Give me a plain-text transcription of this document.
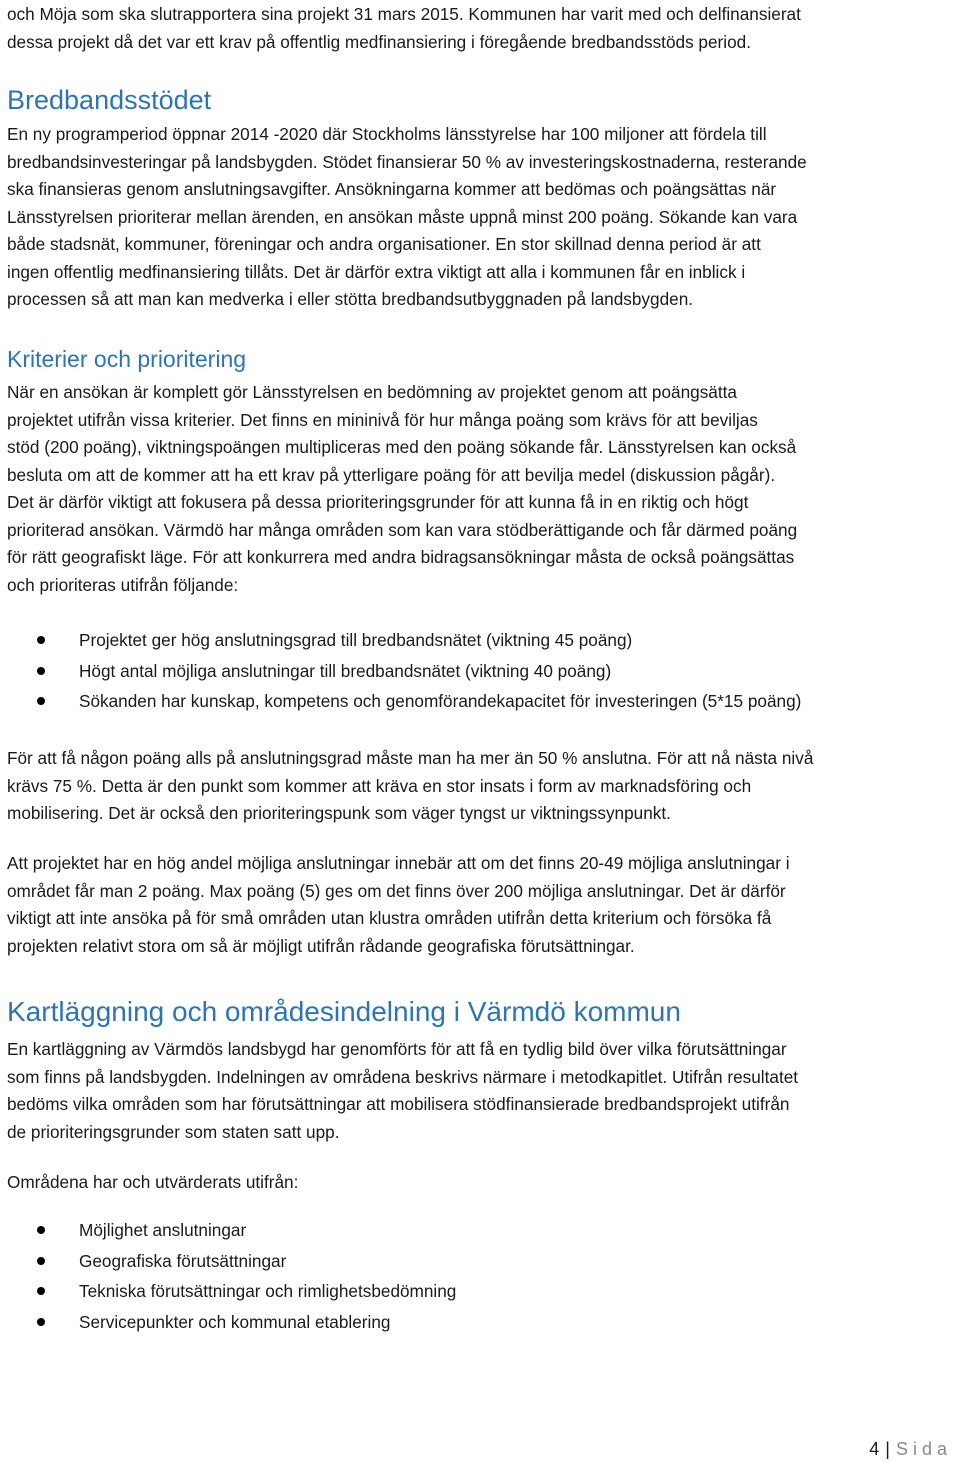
och Möja som ska slutrapportera sina projekt 31 mars 2015. Kommunen har varit med och delfinansierat

dessa projekt då det var ett krav på offentlig medfinansiering i föregående bredbandsstöds period.

Bredbandsstödet

En ny programperiod öppnar 2014 -2020 där Stockholms länsstyrelse har 100 miljoner att fördela till

bredbandsinvesteringar på landsbygden. Stödet finansierar 50 % av investeringskostnaderna, resterande

ska finansieras genom anslutningsavgifter. Ansökningarna kommer att bedömas och poängsättas när

Länsstyrelsen prioriterar mellan ärenden, en ansökan måste uppnå minst 200 poäng. Sökande kan vara

både stadsnät, kommuner, föreningar och andra organisationer. En stor skillnad denna period är att

ingen offentlig medfinansiering tillåts. Det är därför extra viktigt att alla i kommunen får en inblick i

processen så att man kan medverka i eller stötta bredbandsutbyggnaden på landsbygden.

Kriterier och prioritering

När en ansökan är komplett gör Länsstyrelsen en bedömning av projektet genom att poängsätta

projektet utifrån vissa kriterier. Det finns en mininivå för hur många poäng som krävs för att beviljas

stöd (200 poäng), viktningspoängen multipliceras med den poäng sökande får. Länsstyrelsen kan också

besluta om att de kommer att ha ett krav på ytterligare poäng för att bevilja medel (diskussion pågår).

Det är därför viktigt att fokusera på dessa prioriteringsgrunder för att kunna få in en riktig och högt

prioriterad ansökan. Värmdö har många områden som kan vara stödberättigande och får därmed poäng

för rätt geografiskt läge. För att konkurrera med andra bidragsansökningar måsta de också poängsättas

och prioriteras utifrån följande:

Projektet ger hög anslutningsgrad till bredbandsnätet (viktning 45 poäng)
Högt antal möjliga anslutningar till bredbandsnätet (viktning 40 poäng)
Sökanden har kunskap, kompetens och genomförandekapacitet för investeringen (5*15 poäng)

För att få någon poäng alls på anslutningsgrad måste man ha mer än 50 % anslutna. För att nå nästa nivå

krävs 75 %. Detta är den punkt som kommer att kräva en stor insats i form av marknadsföring och

mobilisering. Det är också den prioriteringspunk som väger tyngst ur viktningssynpunkt.

Att projektet har en hög andel möjliga anslutningar innebär att om det finns 20-49 möjliga anslutningar i

området får man 2 poäng. Max poäng (5) ges om det finns över 200 möjliga anslutningar. Det är därför

viktigt att inte ansöka på för små områden utan klustra områden utifrån detta kriterium och försöka få

projekten relativt stora om så är möjligt utifrån rådande geografiska förutsättningar.

Kartläggning och områdesindelning i Värmdö kommun

En kartläggning av Värmdös landsbygd har genomförts för att få en tydlig bild över vilka förutsättningar

som finns på landsbygden. Indelningen av områdena beskrivs närmare i metodkapitlet. Utifrån resultatet

bedöms vilka områden som har förutsättningar att mobilisera stödfinansierade bredbandsprojekt utifrån

de prioriteringsgrunder som staten satt upp.

Områdena har och utvärderats utifrån:

Möjlighet anslutningar
Geografiska förutsättningar
Tekniska förutsättningar och rimlighetsbedömning
Servicepunkter och kommunal etablering
4 | Sida
